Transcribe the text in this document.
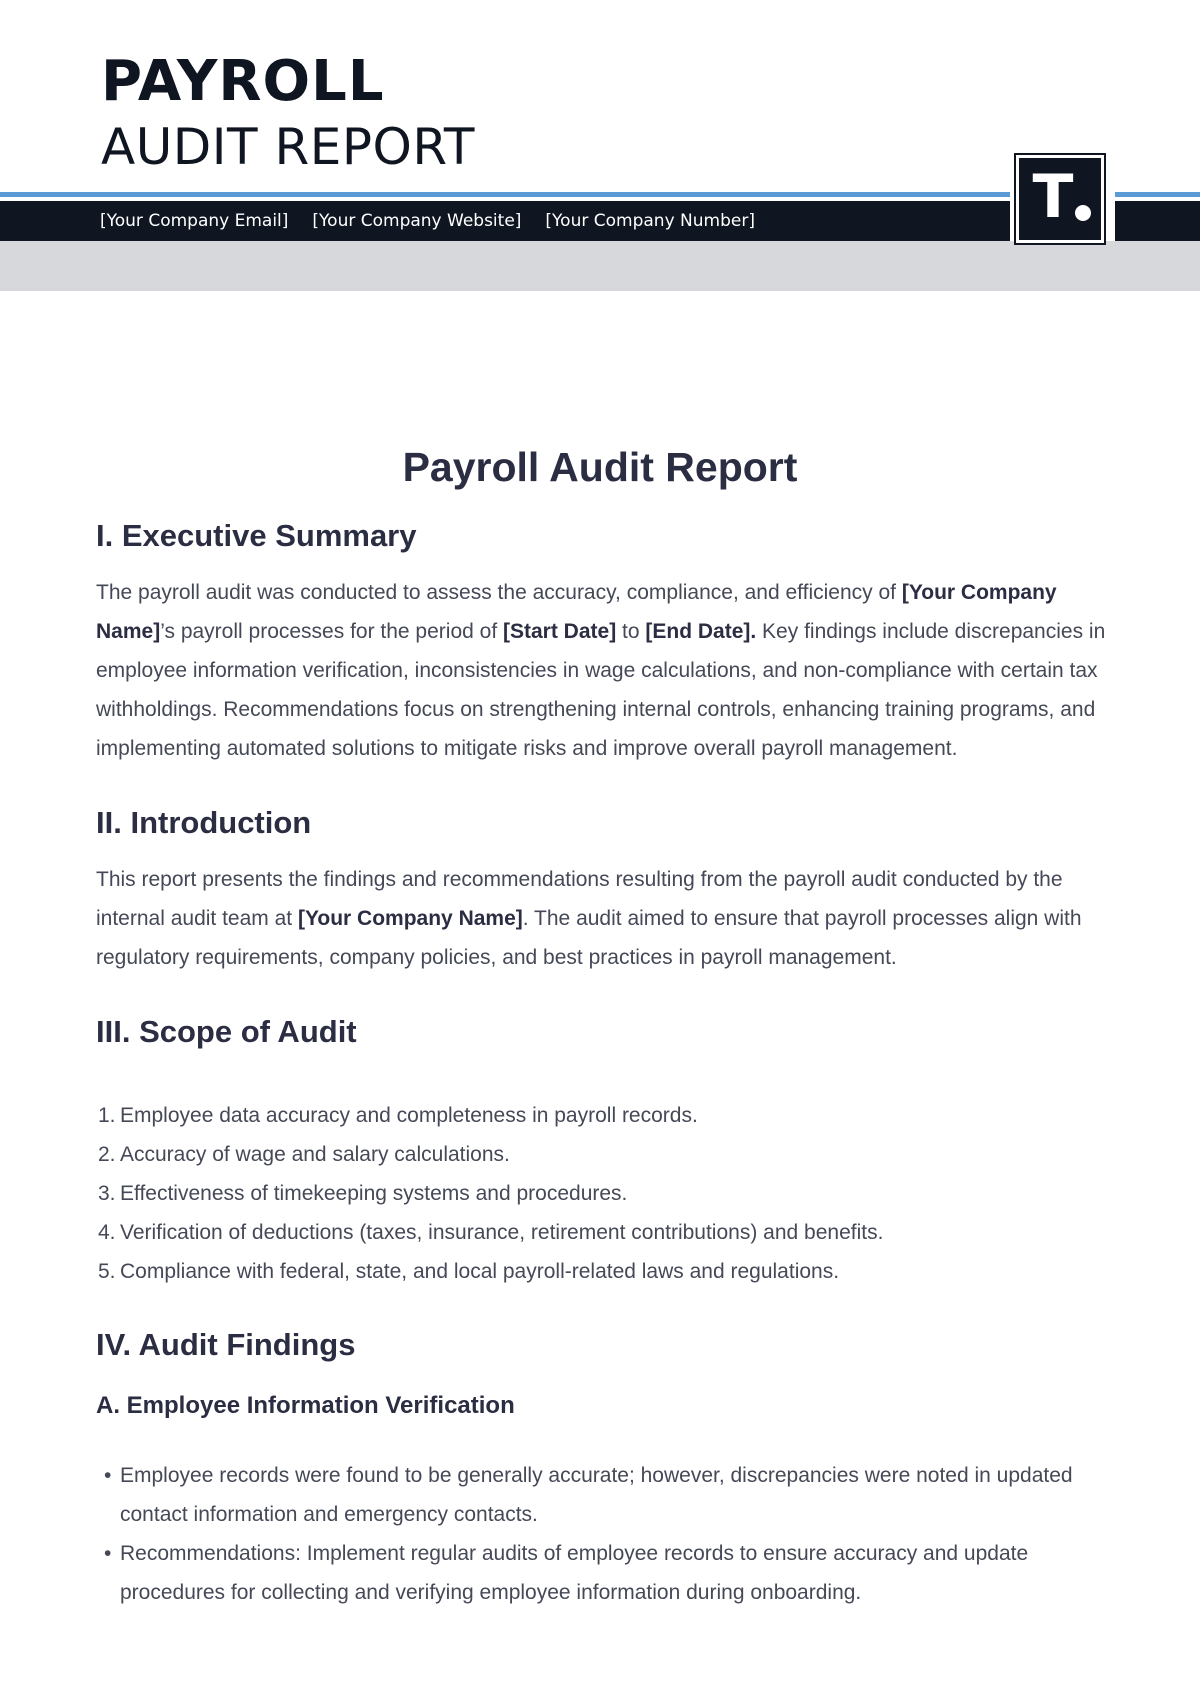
PAYROLL
AUDIT REPORT
[Your Company Email] [Your Company Website] [Your Company Number]	T
Payroll Audit Report
I. Executive Summary

The payroll audit was conducted to assess the accuracy, compliance, and efficiency of [Your Company Name]’s payroll processes for the period of [Start Date] to [End Date]. Key findings include discrepancies in employee information verification, inconsistencies in wage calculations, and non-compliance with certain tax withholdings. Recommendations focus on strengthening internal controls, enhancing training programs, and implementing automated solutions to mitigate risks and improve overall payroll management.

II. Introduction

This report presents the findings and recommendations resulting from the payroll audit conducted by the internal audit team at [Your Company Name]. The audit aimed to ensure that payroll processes align with regulatory requirements, company policies, and best practices in payroll management.

III. Scope of Audit
1. Employee data accuracy and completeness in payroll records.
2. Accuracy of wage and salary calculations.
3. Effectiveness of timekeeping systems and procedures.
4. Verification of deductions (taxes, insurance, retirement contributions) and benefits.
5. Compliance with federal, state, and local payroll-related laws and regulations.
IV. Audit Findings
A. Employee Information Verification
• Employee records were found to be generally accurate; however, discrepancies were noted in updated contact information and emergency contacts.
• Recommendations: Implement regular audits of employee records to ensure accuracy and update procedures for collecting and verifying employee information during onboarding.
